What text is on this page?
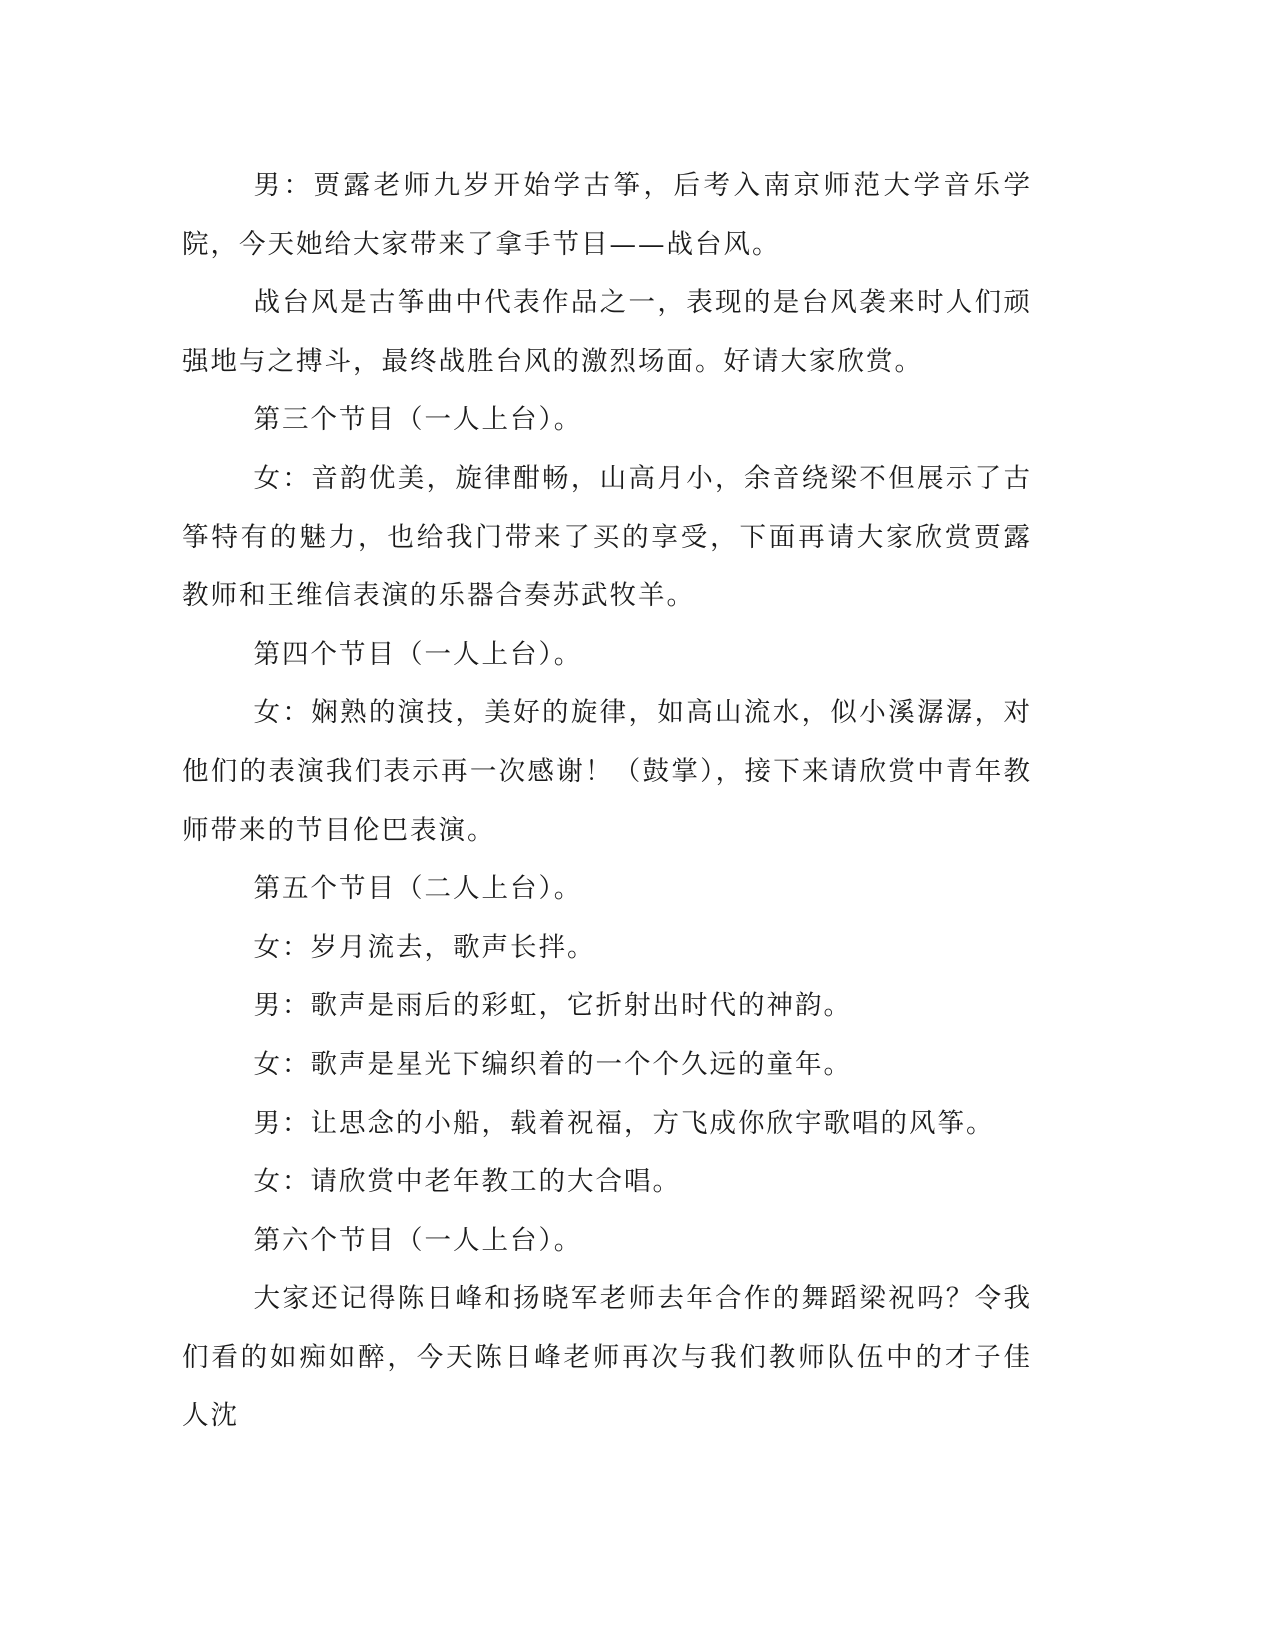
男：贾露老师九岁开始学古筝，后考入南京师范大学音乐学院，今天她给大家带来了拿手节目——战台风。

战台风是古筝曲中代表作品之一，表现的是台风袭来时人们顽强地与之搏斗，最终战胜台风的激烈场面。好请大家欣赏。

第三个节目（一人上台）。

女：音韵优美，旋律酣畅，山高月小，余音绕梁不但展示了古筝特有的魅力，也给我门带来了买的享受，下面再请大家欣赏贾露教师和王维信表演的乐器合奏苏武牧羊。

第四个节目（一人上台）。

女：娴熟的演技，美好的旋律，如高山流水，似小溪潺潺，对他们的表演我们表示再一次感谢！（鼓掌），接下来请欣赏中青年教师带来的节目伦巴表演。

第五个节目（二人上台）。

女：岁月流去，歌声长拌。

男：歌声是雨后的彩虹，它折射出时代的神韵。

女：歌声是星光下编织着的一个个久远的童年。

男：让思念的小船，载着祝福，方飞成你欣宇歌唱的风筝。

女：请欣赏中老年教工的大合唱。

第六个节目（一人上台）。

大家还记得陈日峰和扬晓军老师去年合作的舞蹈梁祝吗？令我们看的如痴如醉，今天陈日峰老师再次与我们教师队伍中的才子佳人沈
